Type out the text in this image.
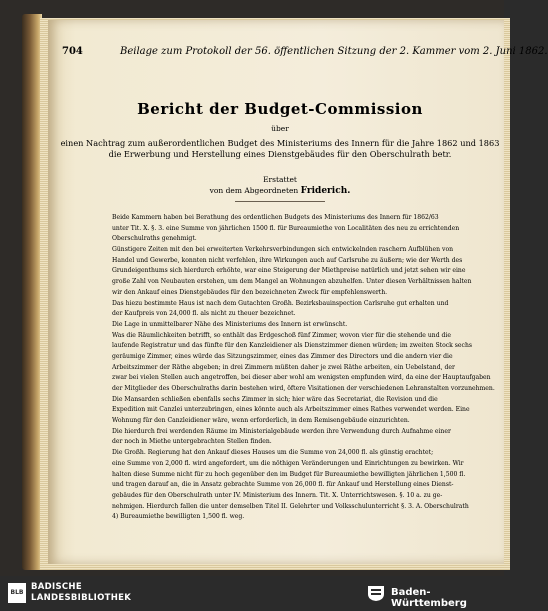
704	Beilage zum Protokoll der 56. öffentlichen Sitzung der 2. Kammer vom 2. Juni 1862.
Bericht der Budget-Commission
über
einen Nachtrag zum außerordentlichen Budget des Ministeriums des Innern für die Jahre 1862 und 1863
die Erwerbung und Herstellung eines Dienstgebäudes für den Oberschulrath betr.
Erstattet
von dem Abgeordneten Friderich.
Beide Kammern haben bei Berathung des ordentlichen Budgets des Ministeriums des Innern für 1862/63
unter Tit. X. §. 3. eine Summe von jährlichen 1500 fl. für Bureaumiethe von Localitäten des neu zu errichtenden
Oberschulraths genehmigt.
Günstigere Zeiten mit den bei erweiterten Verkehrsverbindungen sich entwickelnden raschern Aufblühen von
Handel und Gewerbe, konnten nicht verfehlen, ihre Wirkungen auch auf Carlsruhe zu äußern; wie der Werth des
Grundeigenthums sich hierdurch erhöhte, war eine Steigerung der Miethpreise natürlich und jetzt sehen wir eine
große Zahl von Neubauten erstehen, um dem Mangel an Wohnungen abzuhelfen. Unter diesen Verhältnissen halten
wir den Ankauf eines Dienstgebäudes für den bezeichneten Zweck für empfehlenswerth.
Das hiezu bestimmte Haus ist nach dem Gutachten Großh. Bezirksbauinspection Carlsruhe gut erhalten und
der Kaufpreis von 24,000 fl. als nicht zu theuer bezeichnet.
Die Lage in unmittelbarer Nähe des Ministeriums des Innern ist erwünscht.
Was die Räumlichkeiten betrifft, so enthält das Erdgeschoß fünf Zimmer, wovon vier für die stehende und die
laufende Registratur und das fünfte für den Kanzleidiener als Dienstzimmer dienen würden; im zweiten Stock sechs
geräumige Zimmer, eines würde das Sitzungszimmer, eines das Zimmer des Directors und die andern vier die
Arbeitszimmer der Räthe abgeben; in drei Zimmern müßten daher je zwei Räthe arbeiten, ein Uebelstand, der
zwar bei vielen Stellen auch angetroffen, bei dieser aber wohl am wenigsten empfunden wird, da eine der Hauptaufgaben
der Mitglieder des Oberschulraths darin bestehen wird, öftere Visitationen der verschiedenen Lehranstalten vorzunehmen.
Die Mansarden schließen ebenfalls sechs Zimmer in sich; hier wäre das Secretariat, die Revision und die
Expedition mit Canzlei unterzubringen, eines könnte auch als Arbeitszimmer eines Rathes verwendet werden. Eine
Wohnung für den Canzleidiener wäre, wenn erforderlich, in dem Remisengebäude einzurichten.
Die hierdurch frei werdenden Räume im Ministerialgebäude werden ihre Verwendung durch Aufnahme einer
der noch in Miethe untergebrachten Stellen finden.
Die Großh. Regierung hat den Ankauf dieses Hauses um die Summe von 24,000 fl. als günstig erachtet;
eine Summe von 2,000 fl. wird angefordert, um die nöthigen Veränderungen und Einrichtungen zu bewirken. Wir
halten diese Summe nicht für zu hoch gegenüber den im Budget für Bureaumiethe bewilligten jährlichen 1,500 fl.
und tragen darauf an, die in Ansatz gebrachte Summe von 26,000 fl. für Ankauf und Herstellung eines Dienst-
gebäudes für den Oberschulrath unter IV. Ministerium des Innern. Tit. X. Unterrichtswesen. §. 10 a. zu ge-
nehmigen. Hierdurch fallen die unter demselben Titel II. Gelehrter und Volksschulunterricht §. 3. A. Oberschulrath
4) Bureaumiethe bewilligten 1,500 fl. weg.
BLB
BADISCHE
LANDESBIBLIOTHEK	Baden-Württemberg
